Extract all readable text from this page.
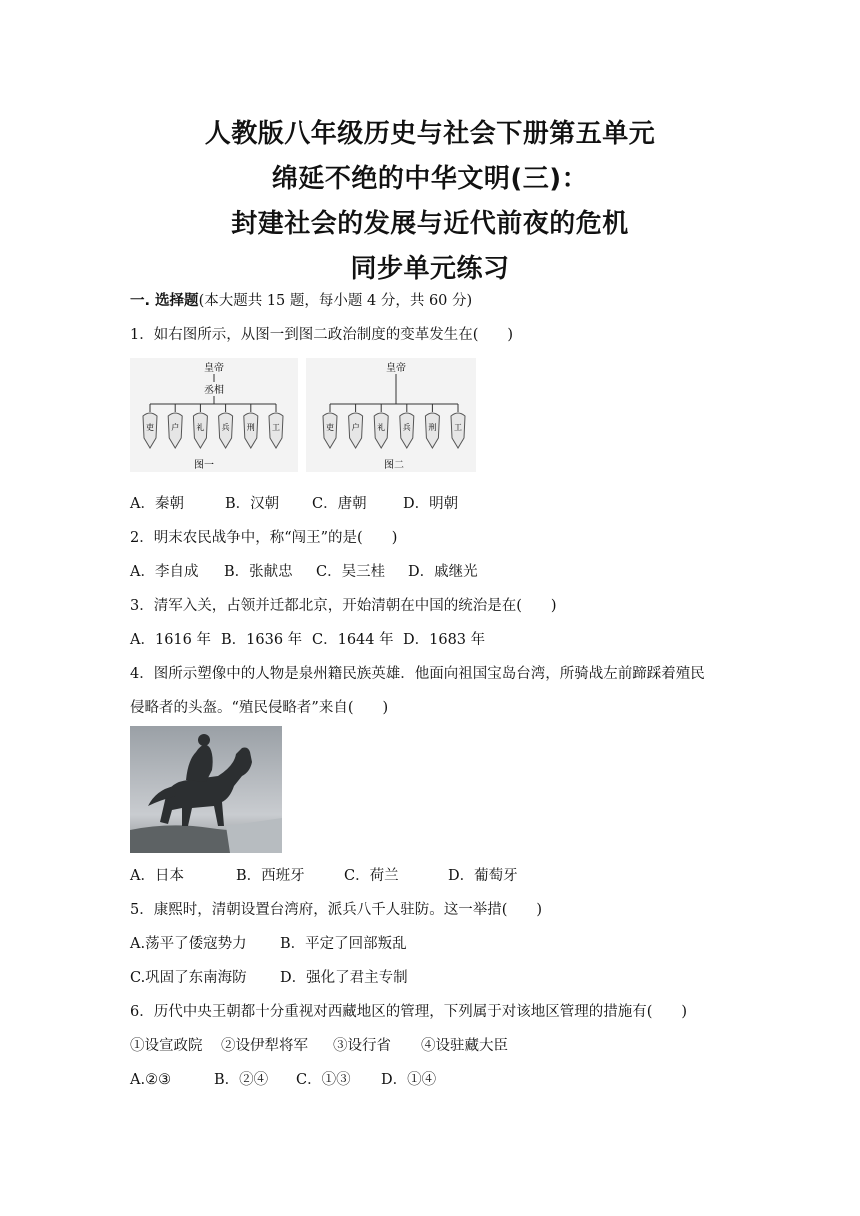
人教版八年级历史与社会下册第五单元
绵延不绝的中华文明(三)：
封建社会的发展与近代前夜的危机
同步单元练习
一. 选择题(本大题共 15 题，每小题 4 分，共 60 分)
1．如右图所示，从图一到图二政治制度的变革发生在(　　)
皇帝
丞相
吏 户 礼 兵 刑 工
图一
皇帝
吏 户 礼 兵 刑 工
图二
A．秦朝	B．汉朝 C．唐朝	D．明朝
2．明末农民战争中，称“闯王”的是(　　)
A．李自成 B．张献忠 C．吴三桂 D．戚继光
3．清军入关，占领并迁都北京，开始清朝在中国的统治是在(　　)
A．1616 年 B．1636 年 C．1644 年 D．1683 年
4．图所示塑像中的人物是泉州籍民族英雄．他面向祖国宝岛台湾，所骑战左前蹄踩着殖民
侵略者的头盔。“殖民侵略者”来自(　　)
A．日本	B．西班牙	C．荷兰	D．葡萄牙
5．康熙时，清朝设置台湾府，派兵八千人驻防。这一举措(　　)
A.荡平了倭寇势力 B．平定了回部叛乱
C.巩固了东南海防 D．强化了君主专制
6．历代中央王朝都十分重视对西藏地区的管理，下列属于对该地区管理的措施有(　　)
①设宣政院 ②设伊犁将军 ③设行省 ④设驻藏大臣
A.②③	B．②④ C．①③ D．①④
